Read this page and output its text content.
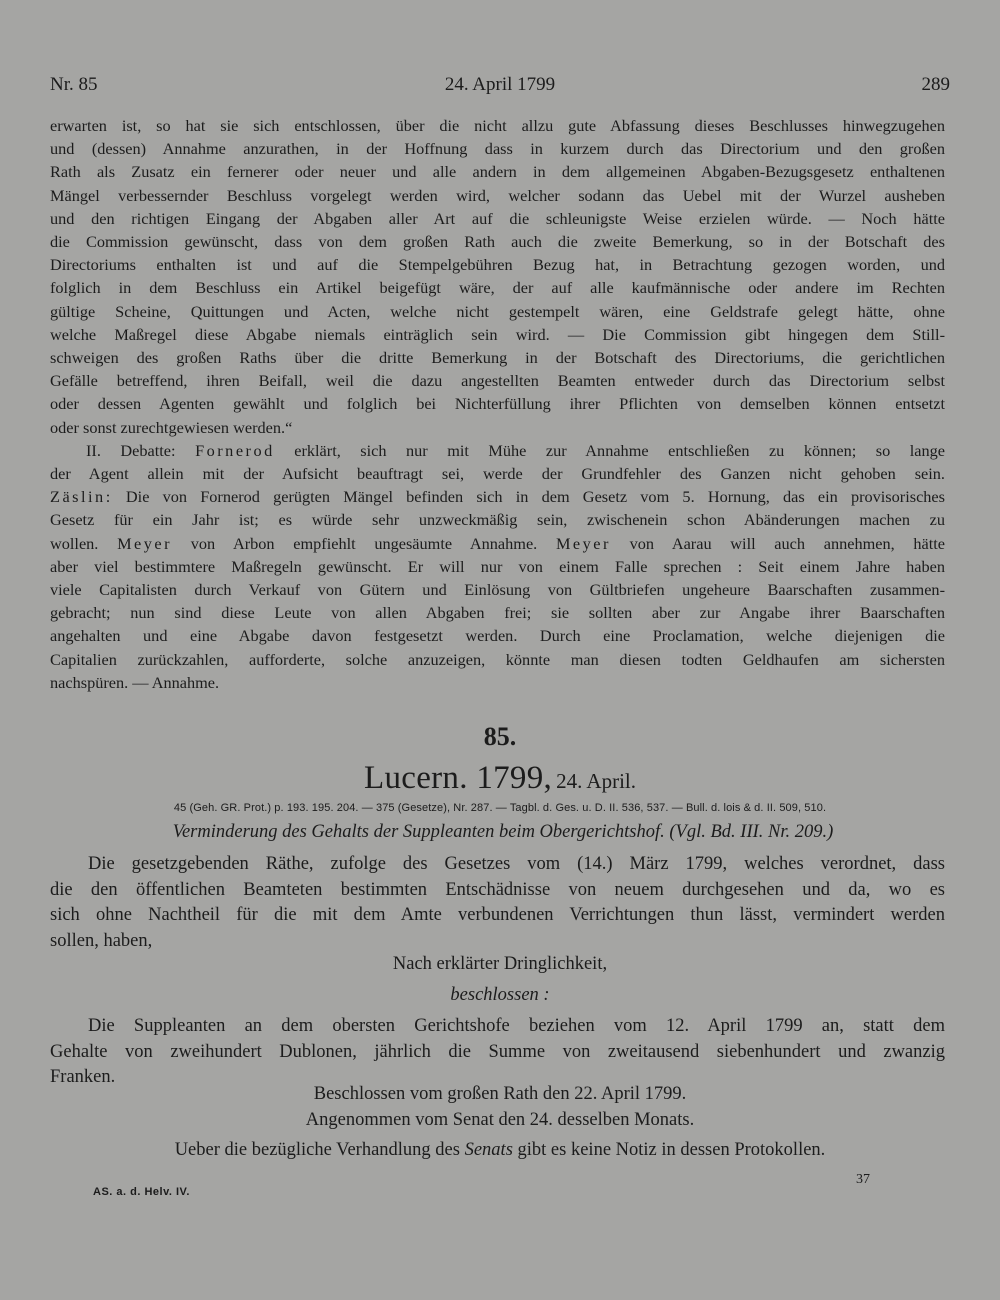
Nr. 85	24. April 1799	289
erwarten ist, so hat sie sich entschlossen, über die nicht allzu gute Abfassung dieses Beschlusses hinwegzugehen
und (dessen) Annahme anzurathen, in der Hoffnung dass in kurzem durch das Directorium und den großen
Rath als Zusatz ein fernerer oder neuer und alle andern in dem allgemeinen Abgaben-Bezugsgesetz enthaltenen
Mängel verbessernder Beschluss vorgelegt werden wird, welcher sodann das Uebel mit der Wurzel ausheben
und den richtigen Eingang der Abgaben aller Art auf die schleunigste Weise erzielen würde. — Noch hätte
die Commission gewünscht, dass von dem großen Rath auch die zweite Bemerkung, so in der Botschaft des
Directoriums enthalten ist und auf die Stempelgebühren Bezug hat, in Betrachtung gezogen worden, und
folglich in dem Beschluss ein Artikel beigefügt wäre, der auf alle kaufmännische oder andere im Rechten
gültige Scheine, Quittungen und Acten, welche nicht gestempelt wären, eine Geldstrafe gelegt hätte, ohne
welche Maßregel diese Abgabe niemals einträglich sein wird. — Die Commission gibt hingegen dem Still-
schweigen des großen Raths über die dritte Bemerkung in der Botschaft des Directoriums, die gerichtlichen
Gefälle betreffend, ihren Beifall, weil die dazu angestellten Beamten entweder durch das Directorium selbst
oder dessen Agenten gewählt und folglich bei Nichterfüllung ihrer Pflichten von demselben können entsetzt
oder sonst zurechtgewiesen werden.“
II. Debatte: Fornerod erklärt, sich nur mit Mühe zur Annahme entschließen zu können; so lange
der Agent allein mit der Aufsicht beauftragt sei, werde der Grundfehler des Ganzen nicht gehoben sein.
Zäslin: Die von Fornerod gerügten Mängel befinden sich in dem Gesetz vom 5. Hornung, das ein provisorisches
Gesetz für ein Jahr ist; es würde sehr unzweckmäßig sein, zwischenein schon Abänderungen machen zu
wollen. Meyer von Arbon empfiehlt ungesäumte Annahme. Meyer von Aarau will auch annehmen, hätte
aber viel bestimmtere Maßregeln gewünscht. Er will nur von einem Falle sprechen : Seit einem Jahre haben
viele Capitalisten durch Verkauf von Gütern und Einlösung von Gültbriefen ungeheure Baarschaften zusammen-
gebracht; nun sind diese Leute von allen Abgaben frei; sie sollten aber zur Angabe ihrer Baarschaften
angehalten und eine Abgabe davon festgesetzt werden. Durch eine Proclamation, welche diejenigen die
Capitalien zurückzahlen, aufforderte, solche anzuzeigen, könnte man diesen todten Geldhaufen am sichersten
nachspüren. — Annahme.
85.
Lucern. 1799, 24. April.
45 (Geh. GR. Prot.) p. 193. 195. 204. — 375 (Gesetze), Nr. 287. — Tagbl. d. Ges. u. D. II. 536, 537. — Bull. d. lois & d. II. 509, 510.
Verminderung des Gehalts der Suppleanten beim Obergerichtshof. (Vgl. Bd. III. Nr. 209.)
Die gesetzgebenden Räthe, zufolge des Gesetzes vom (14.) März 1799, welches verordnet, dass
die den öffentlichen Beamteten bestimmten Entschädnisse von neuem durchgesehen und da, wo es
sich ohne Nachtheil für die mit dem Amte verbundenen Verrichtungen thun lässt, vermindert werden
sollen, haben,
Nach erklärter Dringlichkeit,
beschlossen :
Die Suppleanten an dem obersten Gerichtshofe beziehen vom 12. April 1799 an, statt dem
Gehalte von zweihundert Dublonen, jährlich die Summe von zweitausend siebenhundert und zwanzig
Franken.
Beschlossen vom großen Rath den 22. April 1799.
Angenommen vom Senat den 24. desselben Monats.
Ueber die bezügliche Verhandlung des Senats gibt es keine Notiz in dessen Protokollen.
AS. a. d. Helv. IV.
37
